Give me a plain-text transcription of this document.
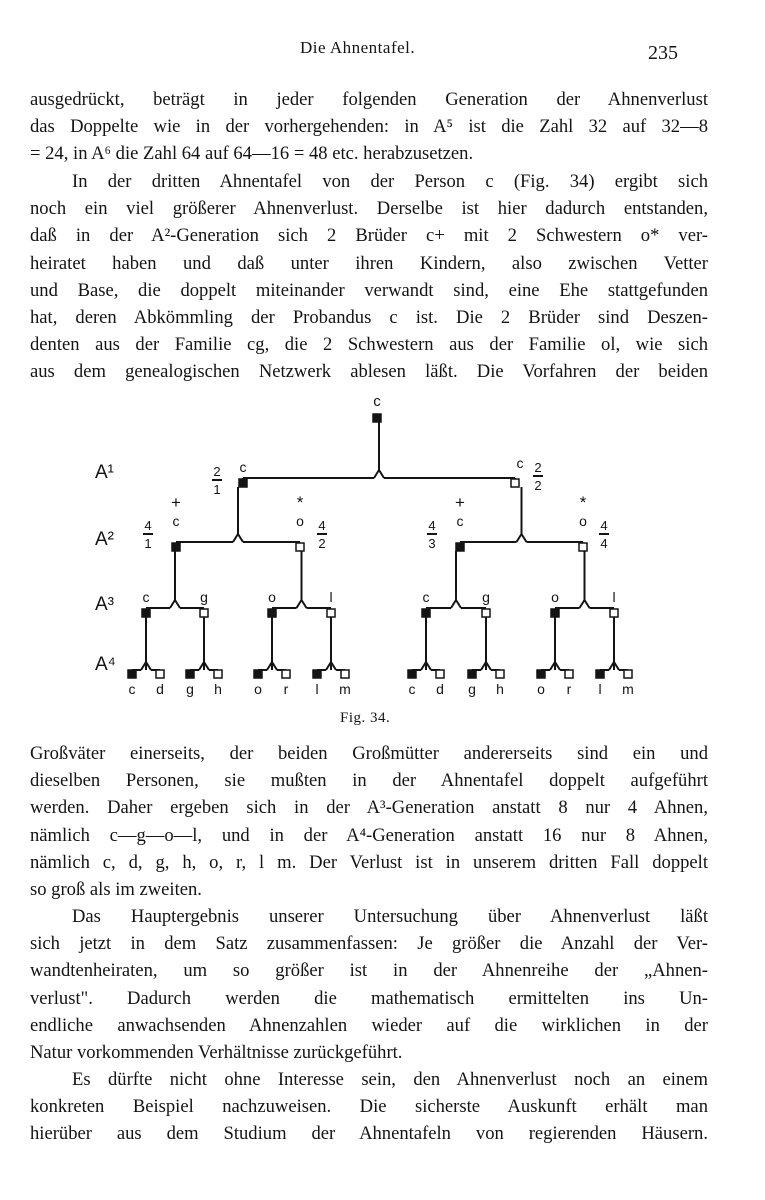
Die Ahnentafel.	235
ausgedrückt, beträgt in jeder folgenden Generation der Ahnenverlust
das Doppelte wie in der vorhergehenden: in A⁵ ist die Zahl 32 auf 32—8
= 24, in A⁶ die Zahl 64 auf 64—16 = 48 etc. herabzusetzen.
In der dritten Ahnentafel von der Person c (Fig. 34) ergibt sich
noch ein viel größerer Ahnenverlust. Derselbe ist hier dadurch entstanden,
daß in der A²-Generation sich 2 Brüder c+ mit 2 Schwestern o* ver-
heiratet haben und daß unter ihren Kindern, also zwischen Vetter
und Base, die doppelt miteinander verwandt sind, eine Ehe stattgefunden
hat, deren Abkömmling der Probandus c ist. Die 2 Brüder sind Deszen-
denten aus der Familie cg, die 2 Schwestern aus der Familie ol, wie sich
aus dem genealogischen Netzwerk ablesen läßt. Die Vorfahren der beiden
A¹
A²
A³
A⁴
c
c	c
2
1
2
2
+
c
*
o
+
c
*
o
4
1
4
2
4
3
4
4
c	g	o	l	c	g	o	l
c d g h o r l m	c d g h o r l m
Fig. 34.
Großväter einerseits, der beiden Großmütter andererseits sind ein und
dieselben Personen, sie mußten in der Ahnentafel doppelt aufgeführt
werden. Daher ergeben sich in der A³-Generation anstatt 8 nur 4 Ahnen,
nämlich c—g—o—l, und in der A⁴-Generation anstatt 16 nur 8 Ahnen,
nämlich c, d, g, h, o, r, l m. Der Verlust ist in unserem dritten Fall doppelt
so groß als im zweiten.
Das Hauptergebnis unserer Untersuchung über Ahnenverlust läßt
sich jetzt in dem Satz zusammenfassen: Je größer die Anzahl der Ver-
wandtenheiraten, um so größer ist in der Ahnenreihe der „Ahnen-
verlust". Dadurch werden die mathematisch ermittelten ins Un-
endliche anwachsenden Ahnenzahlen wieder auf die wirklichen in der
Natur vorkommenden Verhältnisse zurückgeführt.
Es dürfte nicht ohne Interesse sein, den Ahnenverlust noch an einem
konkreten Beispiel nachzuweisen. Die sicherste Auskunft erhält man
hierüber aus dem Studium der Ahnentafeln von regierenden Häusern.
